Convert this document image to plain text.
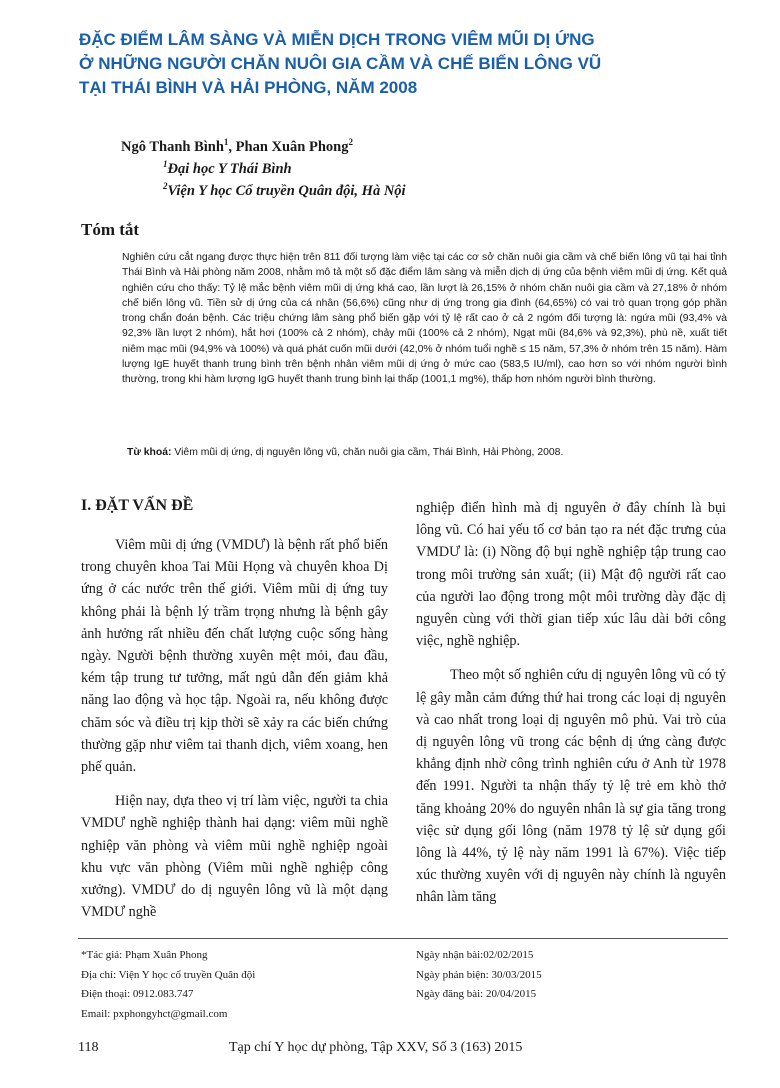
ĐẶC ĐIỂM LÂM SÀNG VÀ MIỄN DỊCH TRONG VIÊM MŨI DỊ ỨNG
Ở NHỮNG NGƯỜI CHĂN NUÔI GIA CẦM VÀ CHẾ BIẾN LÔNG VŨ
TẠI THÁI BÌNH VÀ HẢI PHÒNG, NĂM 2008
Ngô Thanh Bình$^1$, Phan Xuân Phong$^2$
$^1$Đại học Y Thái Bình
$^2$Viện Y học Cổ truyền Quân đội, Hà Nội
Tóm tắt
Nghiên cứu cắt ngang được thực hiện trên 811 đối tượng làm việc tại các cơ sở chăn nuôi gia cầm và chế biến lông vũ tại hai tỉnh Thái Bình và Hải phòng năm 2008, nhằm mô tả một số đặc điểm lâm sàng và miễn dịch dị ứng của bệnh viêm mũi dị ứng. Kết quả nghiên cứu cho thấy: Tỷ lệ mắc bệnh viêm mũi dị ứng khá cao, lần lượt là 26,15% ở nhóm chăn nuôi gia cầm và 27,18% ở nhóm chế biến lông vũ. Tiền sử dị ứng của cá nhân (56,6%) cũng như dị ứng trong gia đình (64,65%) có vai trò quan trọng góp phần trong chẩn đoán bệnh. Các triệu chứng lâm sàng phổ biến gặp với tỷ lệ rất cao ở cả 2 ngóm đối tượng là: ngứa mũi (93,4% và 92,3% lần lượt 2 nhóm), hắt hơi (100% cả 2 nhóm), chảy mũi (100% cả 2 nhóm), Ngạt mũi (84,6% và 92,3%), phù nề, xuất tiết niêm mạc mũi (94,9% và 100%) và quá phát cuốn mũi dưới (42,0% ở nhóm tuổi nghề ≤ 15 năm, 57,3% ở nhóm trên 15 năm). Hàm lượng IgE huyết thanh trung bình trên bệnh nhân viêm mũi dị ứng ở mức cao (583,5 IU/ml), cao hơn so với nhóm người bình thường, trong khi hàm lượng IgG huyết thanh trung bình lại thấp (1001,1 mg%), thấp hơn nhóm người bình thường.
Từ khoá: Viêm mũi dị ứng, dị nguyên lông vũ, chăn nuôi gia cầm, Thái Bình, Hải Phòng, 2008.
I. ĐẶT VẤN ĐỀ

Viêm mũi dị ứng (VMDƯ) là bệnh rất phổ biến trong chuyên khoa Tai Mũi Họng và chuyên khoa Dị ứng ở các nước trên thế giới. Viêm mũi dị ứng tuy không phải là bệnh lý trầm trọng nhưng là bệnh gây ảnh hưởng rất nhiều đến chất lượng cuộc sống hàng ngày. Người bệnh thường xuyên mệt mỏi, đau đầu, kém tập trung tư tưởng, mất ngủ dẫn đến giảm khả năng lao động và học tập. Ngoài ra, nếu không được chăm sóc và điều trị kịp thời sẽ xảy ra các biến chứng thường gặp như viêm tai thanh dịch, viêm xoang, hen phế quản.

Hiện nay, dựa theo vị trí làm việc, người ta chia VMDƯ nghề nghiệp thành hai dạng: viêm mũi nghề nghiệp văn phòng và viêm mũi nghề nghiệp ngoài khu vực văn phòng (Viêm mũi nghề nghiệp công xưởng). VMDƯ do dị nguyên lông vũ là một dạng VMDƯ nghề

nghiệp điển hình mà dị nguyên ở đây chính là bụi lông vũ. Có hai yếu tố cơ bản tạo ra nét đặc trưng của VMDƯ là: (i) Nồng độ bụi nghề nghiệp tập trung cao trong môi trường sản xuất; (ii) Mật độ người rất cao của người lao động trong một môi trường dày đặc dị nguyên cùng với thời gian tiếp xúc lâu dài bởi công việc, nghề nghiệp.

Theo một số nghiên cứu dị nguyên lông vũ có tỷ lệ gây mẫn cảm đứng thứ hai trong các loại dị nguyên và cao nhất trong loại dị nguyên mô phủ. Vai trò của dị nguyên lông vũ trong các bệnh dị ứng càng được khẳng định nhờ công trình nghiên cứu ở Anh từ 1978 đến 1991. Người ta nhận thấy tỷ lệ trẻ em khò thở tăng khoảng 20% do nguyên nhân là sự gia tăng trong việc sử dụng gối lông (năm 1978 tỷ lệ sử dụng gối lông là 44%, tỷ lệ này năm 1991 là 67%). Việc tiếp xúc thường xuyên với dị nguyên này chính là nguyên nhân làm tăng

*Tác giả: Phạm Xuân Phong
Địa chỉ: Viện Y học cổ truyền Quân đội
Điện thoại: 0912.083.747
Email: pxphongyhct@gmail.com
Ngày nhận bài:02/02/2015
Ngày phản biện: 30/03/2015
Ngày đăng bài: 20/04/2015
118	Tạp chí Y học dự phòng, Tập XXV, Số 3 (163) 2015
